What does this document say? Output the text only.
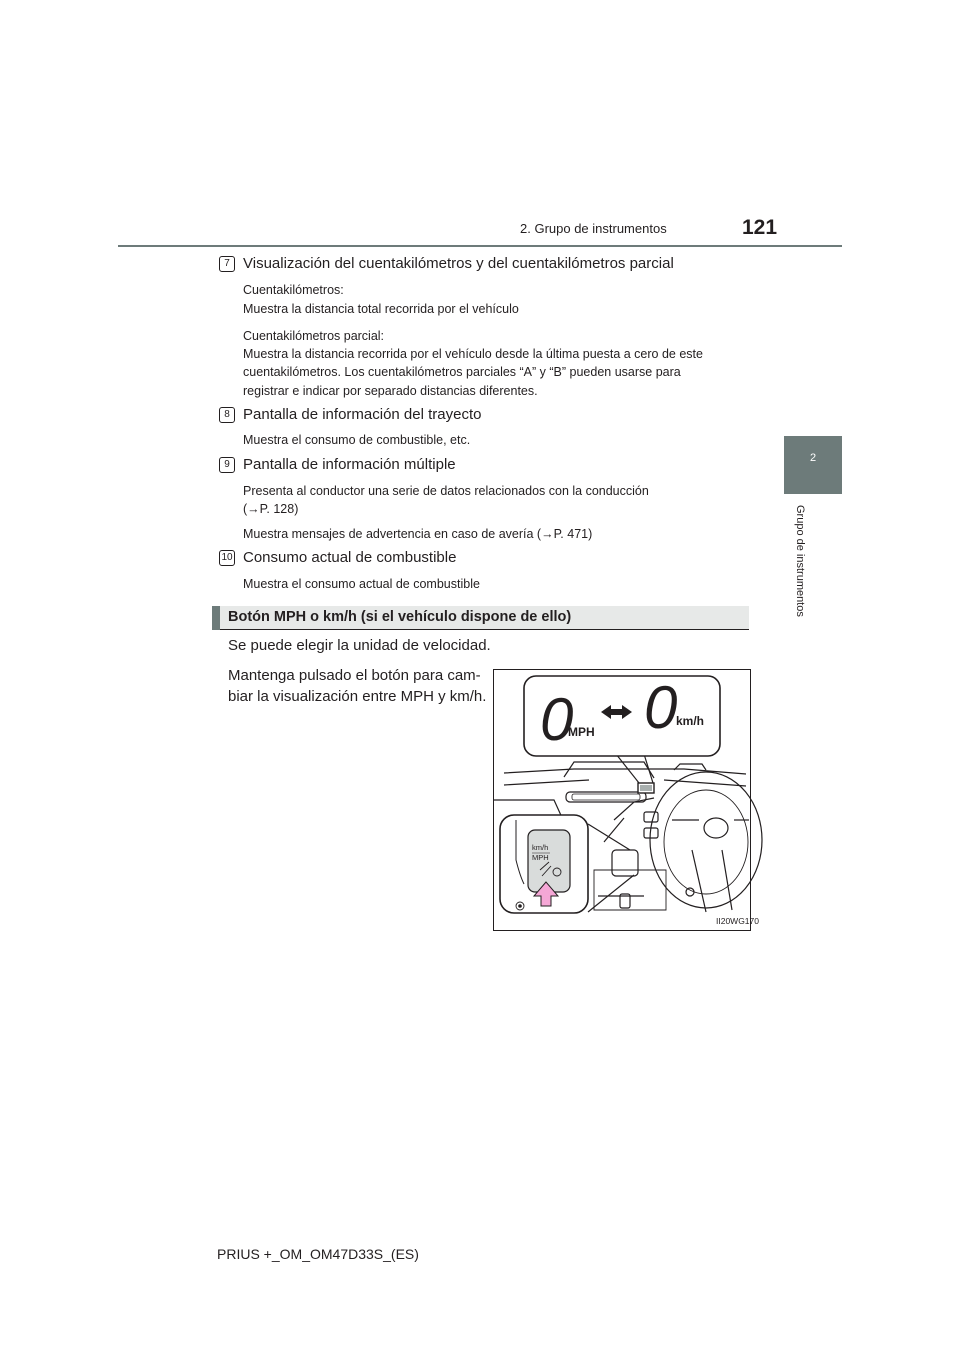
2. Grupo de instrumentos	121
2
Grupo de instrumentos
7 Visualización del cuentakilómetros y del cuentakilómetros parcial
Cuentakilómetros:
Muestra la distancia total recorrida por el vehículo
Cuentakilómetros parcial:
Muestra la distancia recorrida por el vehículo desde la última puesta a cero de este
cuentakilómetros. Los cuentakilómetros parciales “A” y “B” pueden usarse para
registrar e indicar por separado distancias diferentes.
8 Pantalla de información del trayecto
Muestra el consumo de combustible, etc.
9 Pantalla de información múltiple
Presenta al conductor una serie de datos relacionados con la conducción
(→P. 128)
Muestra mensajes de advertencia en caso de avería (→P. 471)
10 Consumo actual de combustible
Muestra el consumo actual de combustible
Botón MPH o km/h (si el vehículo dispone de ello)
Se puede elegir la unidad de velocidad.
Mantenga pulsado el botón para cam-
biar la visualización entre MPH y km/h. 0
MPH 0
km/h
km/h
MPH
II20WG170
PRIUS +_OM_OM47D33S_(ES)
